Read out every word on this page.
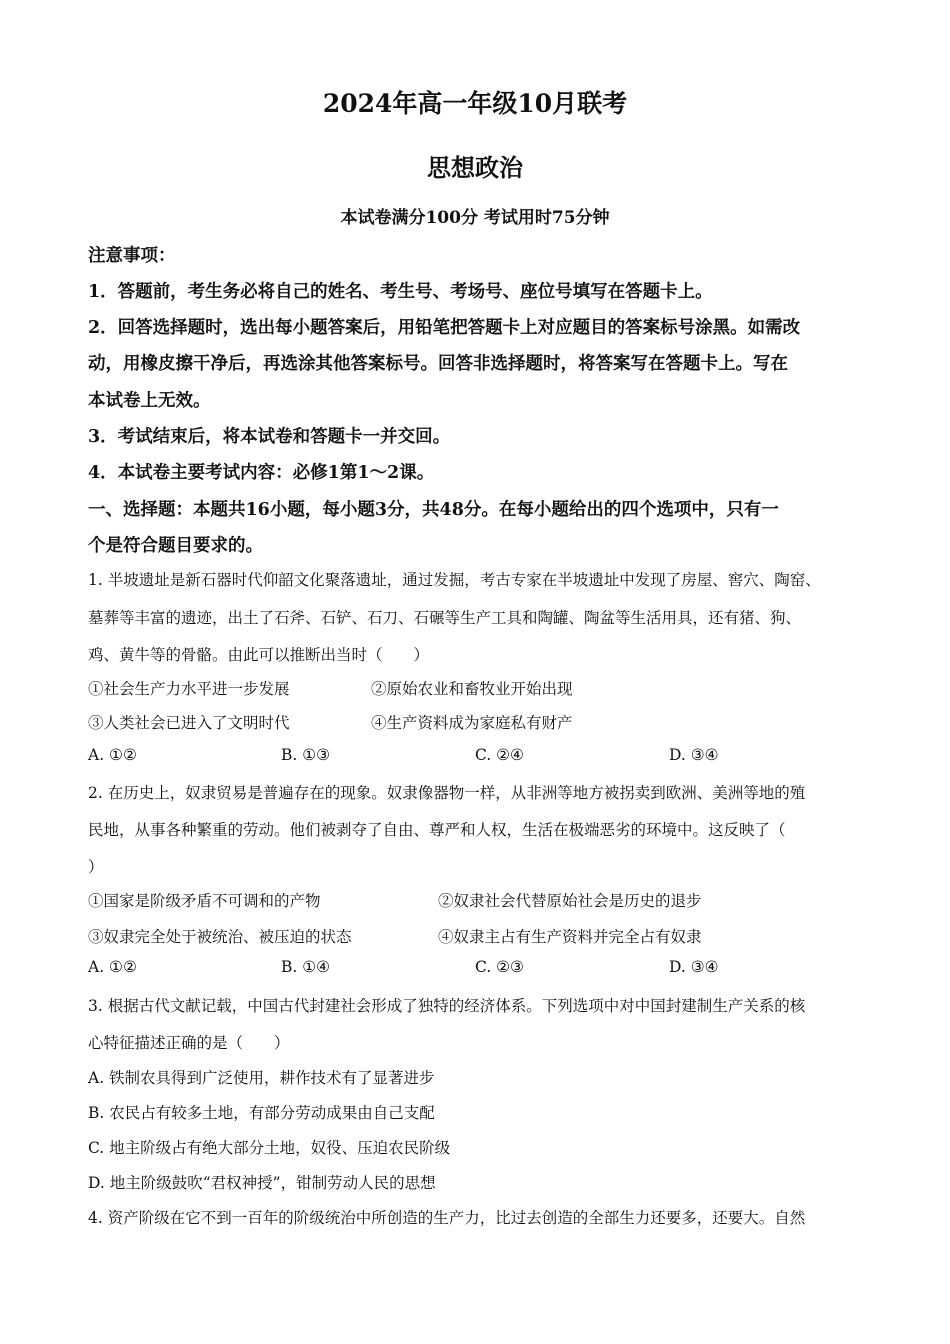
2024年高一年级10月联考
思想政治
本试卷满分100分 考试用时75分钟
注意事项：
1．答题前，考生务必将自己的姓名、考生号、考场号、座位号填写在答题卡上。
2．回答选择题时，选出每小题答案后，用铅笔把答题卡上对应题目的答案标号涂黑。如需改
动，用橡皮擦干净后，再选涂其他答案标号。回答非选择题时，将答案写在答题卡上。写在
本试卷上无效。
3．考试结束后，将本试卷和答题卡一并交回。
4．本试卷主要考试内容：必修1第1～2课。
一、选择题：本题共16小题，每小题3分，共48分。在每小题给出的四个选项中，只有一
个是符合题目要求的。
1. 半坡遗址是新石器时代仰韶文化聚落遗址，通过发掘，考古专家在半坡遗址中发现了房屋、窖穴、陶窑、
墓葬等丰富的遗迹，出土了石斧、石铲、石刀、石碾等生产工具和陶罐、陶盆等生活用具，还有猪、狗、
鸡、黄牛等的骨骼。由此可以推断出当时（　　）
①社会生产力水平进一步发展	②原始农业和畜牧业开始出现
③人类社会已进入了文明时代	④生产资料成为家庭私有财产
A. ①②	B. ①③	C. ②④	D. ③④
2. 在历史上，奴隶贸易是普遍存在的现象。奴隶像器物一样，从非洲等地方被拐卖到欧洲、美洲等地的殖
民地，从事各种繁重的劳动。他们被剥夺了自由、尊严和人权，生活在极端恶劣的环境中。这反映了（
）
①国家是阶级矛盾不可调和的产物	②奴隶社会代替原始社会是历史的退步
③奴隶完全处于被统治、被压迫的状态	④奴隶主占有生产资料并完全占有奴隶
A. ①②	B. ①④	C. ②③	D. ③④
3. 根据古代文献记载，中国古代封建社会形成了独特的经济体系。下列选项中对中国封建制生产关系的核
心特征描述正确的是（　　）
A. 铁制农具得到广泛使用，耕作技术有了显著进步
B. 农民占有较多土地，有部分劳动成果由自己支配
C. 地主阶级占有绝大部分土地，奴役、压迫农民阶级
D. 地主阶级鼓吹“君权神授”，钳制劳动人民的思想
4. 资产阶级在它不到一百年的阶级统治中所创造的生产力，比过去创造的全部生力还要多，还要大。自然
